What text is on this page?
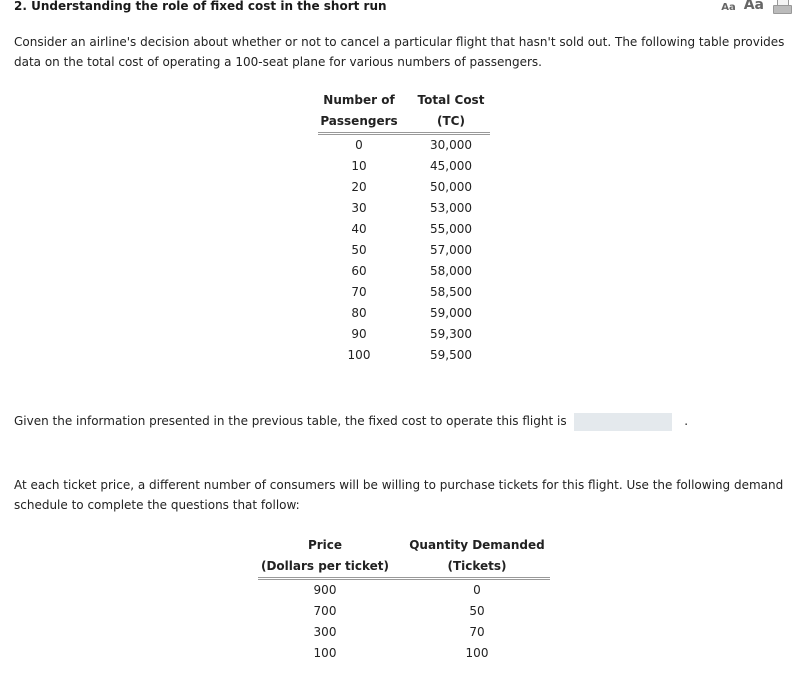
2. Understanding the role of fixed cost in the short run	Aa Aa

Consider an airline's decision about whether or not to cancel a particular flight that hasn't sold out. The following table provides data on the total cost of operating a 100-seat plane for various numbers of passengers.

Number of		Total Cost
Passengers		(TC)
0		30,000
10		45,000
20		50,000
30		53,000
40		55,000
50		57,000
60		58,000
70		58,500
80		59,000
90		59,300
100		59,500

Given the information presented in the previous table, the fixed cost to operate this flight is	.

At each ticket price, a different number of consumers will be willing to purchase tickets for this flight. Use the following demand schedule to complete the questions that follow:

Price		Quantity Demanded
(Dollars per ticket)		(Tickets)
900		0
700		50
300		70
100		100
